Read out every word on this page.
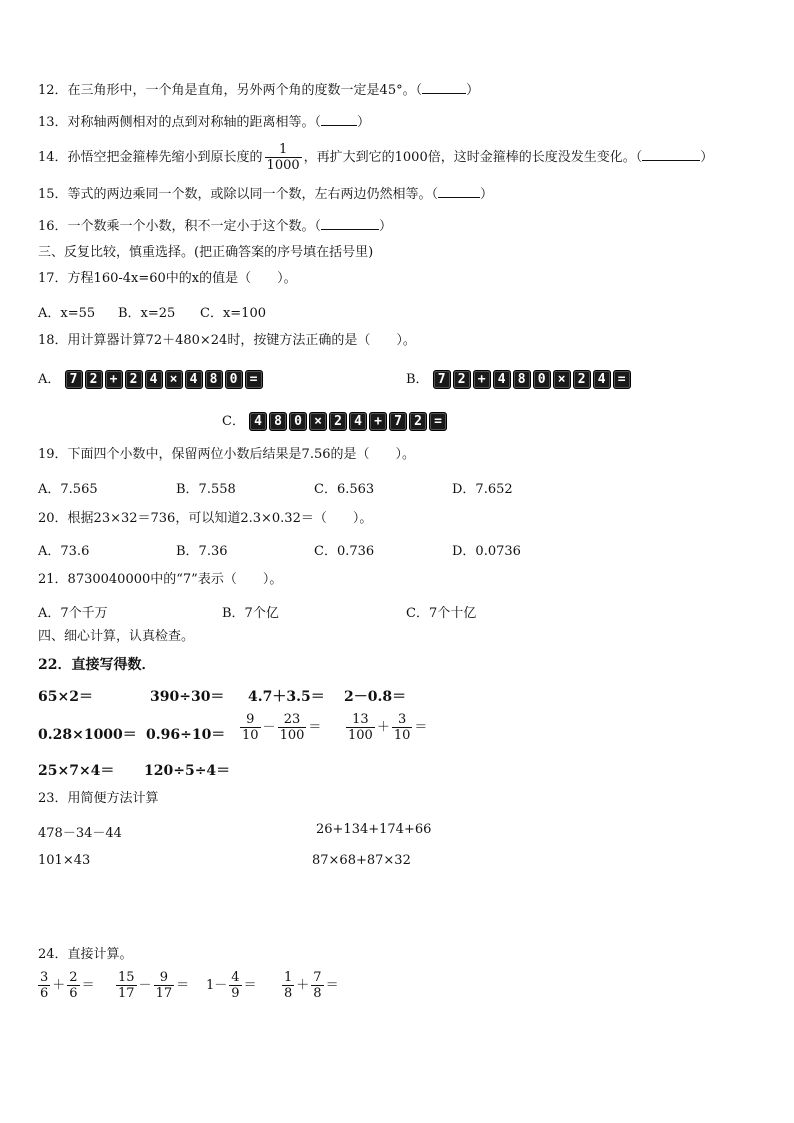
12．在三角形中，一个角是直角，另外两个角的度数一定是45°。（	）
13．对称轴两侧相对的点到对称轴的距离相等。（	）
14．孙悟空把金箍棒先缩小到原长度的 $\frac{1}{1000}$ ，再扩大到它的1000倍，这时金箍棒的长度没发生变化。（	）
15．等式的两边乘同一个数，或除以同一个数，左右两边仍然相等。（	）
16．一个数乘一个小数，积不一定小于这个数。（	）
三、反复比较，慎重选择。(把正确答案的序号填在括号里)
17．方程160-4x=60中的x的值是（　　）。
A．x=55 B．x=25 C．x=100
18．用计算器计算72＋480×24时，按键方法正确的是（　　）。
A． 7 2 + 2 4 × 4 8 0 =	B． 7 2 + 4 8 0 × 2 4 =
C． 4 8 0 × 2 4 + 7 2 =
19．下面四个小数中，保留两位小数后结果是7.56的是（　　）。
A．7.565	B．7.558	C．6.563	D．7.652
20．根据23×32＝736，可以知道2.3×0.32＝（　　）。
A．73.6	B．7.36	C．0.736	D．0.0736
21．8730040000中的“7”表示（　　）。
A．7个千万	B．7个亿	C．7个十亿
四、细心计算，认真检查。
22．直接写得数．
65×2＝	390÷30＝ 4.7＋3.5＝ 2－0.8＝
$0.28\times 1000= 0.96\div 10= \frac{9}{10} - \frac{23}{100} = \frac{13}{100} + \frac{3}{10}$ ＝
25×7×4＝ 120÷5÷4＝
23．用简便方法计算
478－34－44	26+134+174+66
101×43	87×68+87×32
24．直接计算。
$\frac{3}{6} + \frac{2}{6} = \frac{15}{17} - \frac{9}{17} = 1- \frac{4}{9} = \frac{1}{8} + \frac{7}{8}$ ＝
